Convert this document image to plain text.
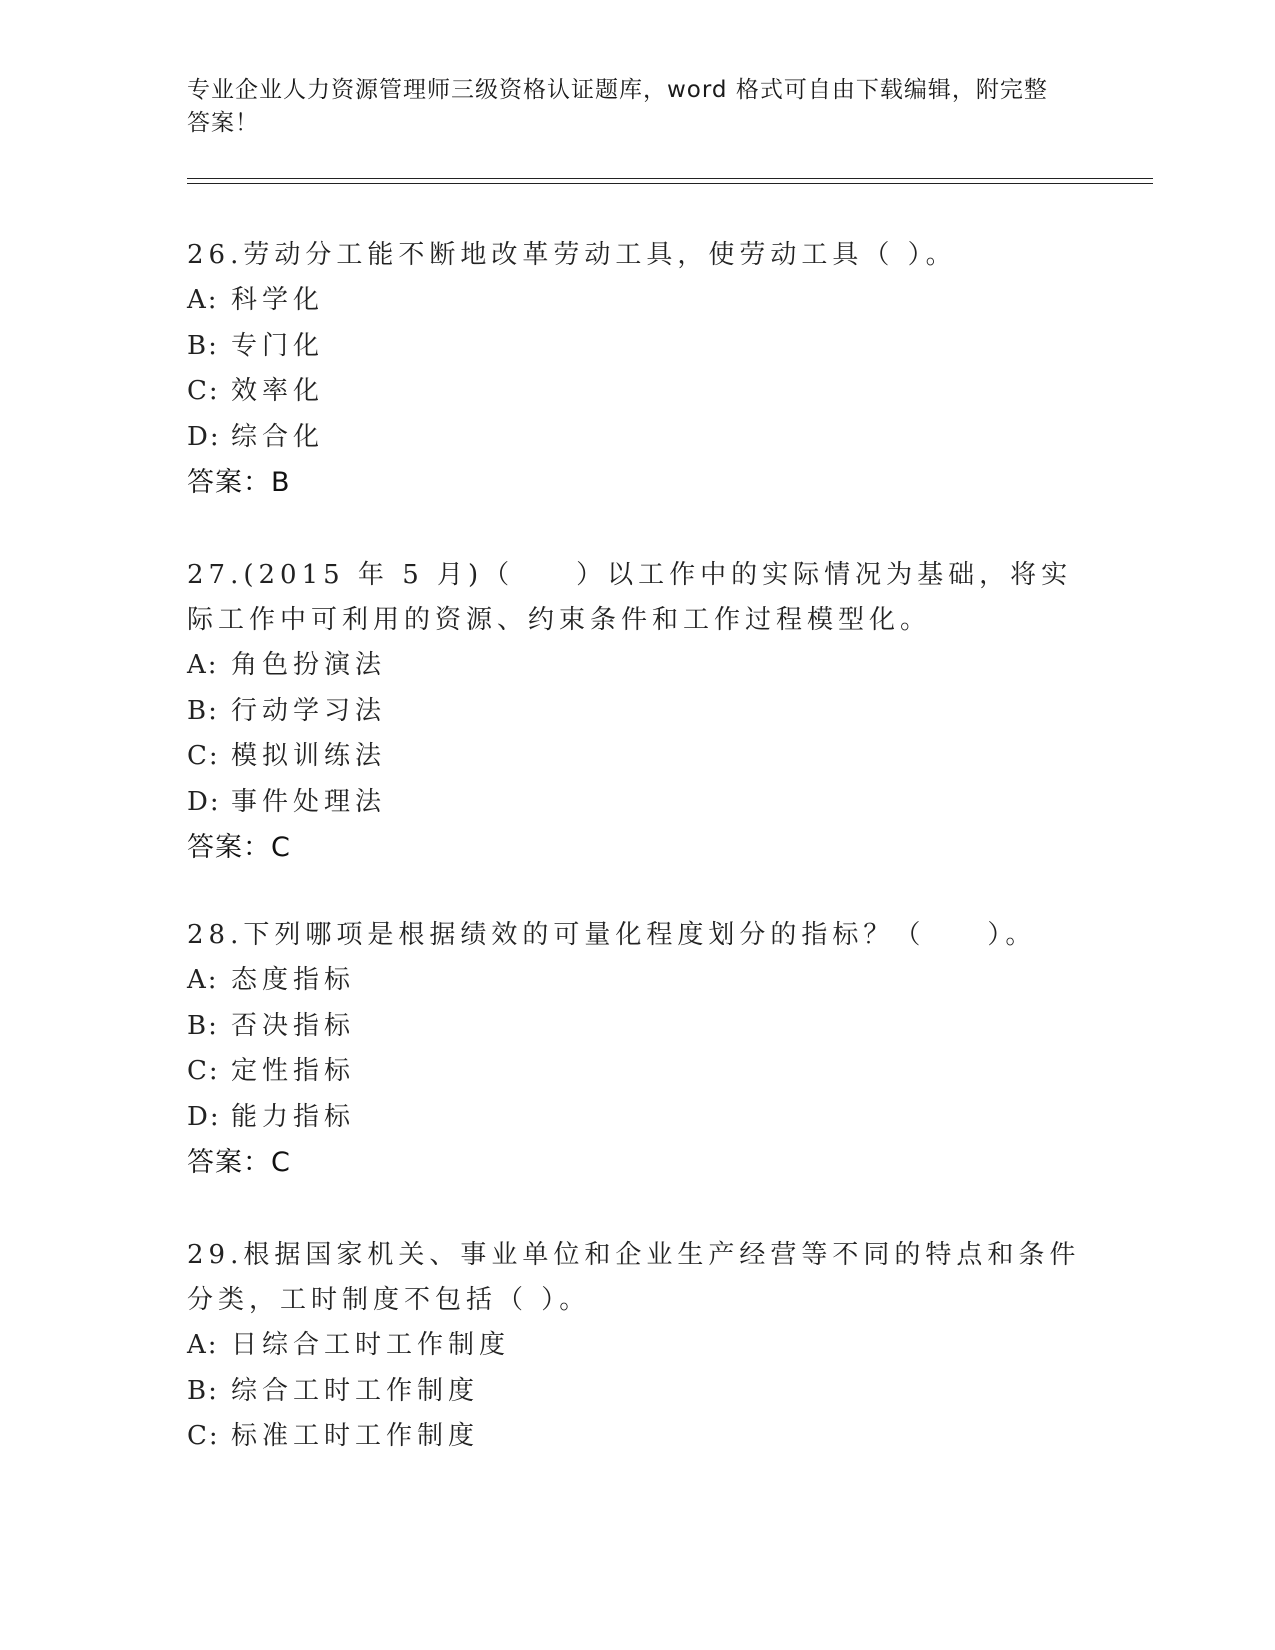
专业企业人力资源管理师三级资格认证题库，word 格式可自由下载编辑，附完整答案！

26.劳动分工能不断地改革劳动工具，使劳动工具（ ）。

A: 科学化
B: 专门化
C: 效率化
D: 综合化
答案：B

27.(2015 年 5 月)（　　）以工作中的实际情况为基础，将实际工作中可利用的资源、约束条件和工作过程模型化。

A: 角色扮演法
B: 行动学习法
C: 模拟训练法
D: 事件处理法
答案：C

28.下列哪项是根据绩效的可量化程度划分的指标？（　　）。

A: 态度指标
B: 否决指标
C: 定性指标
D: 能力指标
答案：C

29.根据国家机关、事业单位和企业生产经营等不同的特点和条件分类，工时制度不包括（ ）。

A: 日综合工时工作制度
B: 综合工时工作制度
C: 标准工时工作制度
